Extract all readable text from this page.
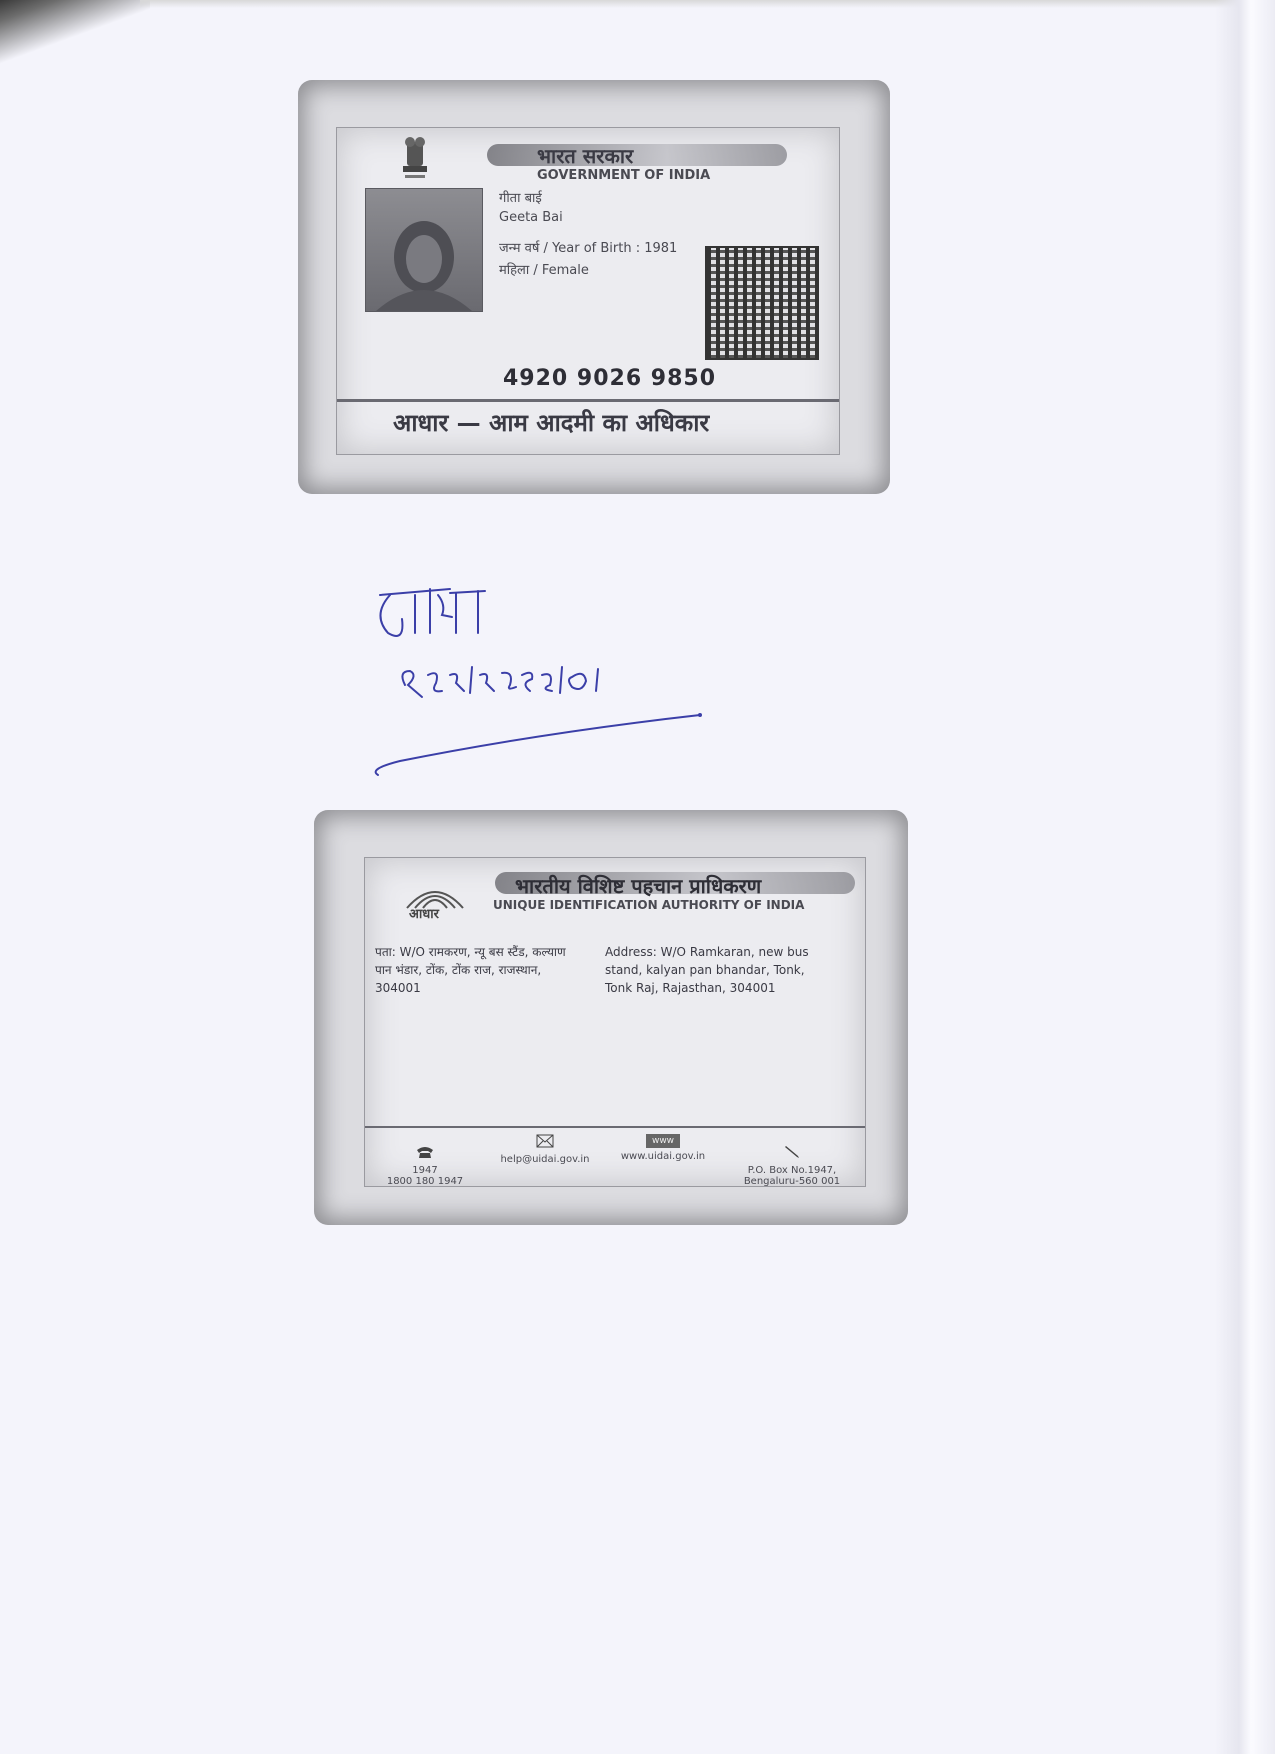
भारत सरकार
GOVERNMENT OF INDIA
गीता बाई
Geeta Bai
जन्म वर्ष / Year of Birth : 1981
महिला / Female
4920 9026 9850
आधार — आम आदमी का अधिकार
आधार
भारतीय विशिष्ट पहचान प्राधिकरण
UNIQUE IDENTIFICATION AUTHORITY OF INDIA
पता: W/O रामकरण, न्यू बस स्टैंड, कल्याण पान भंडार, टोंक, टोंक राज, राजस्थान, 304001
Address: W/O Ramkaran, new bus stand, kalyan pan bhandar, Tonk, Tonk Raj, Rajasthan, 304001

1947
1800 180 1947

help@uidai.gov.in
www
www.uidai.gov.in

P.O. Box No.1947,
Bengaluru-560 001
